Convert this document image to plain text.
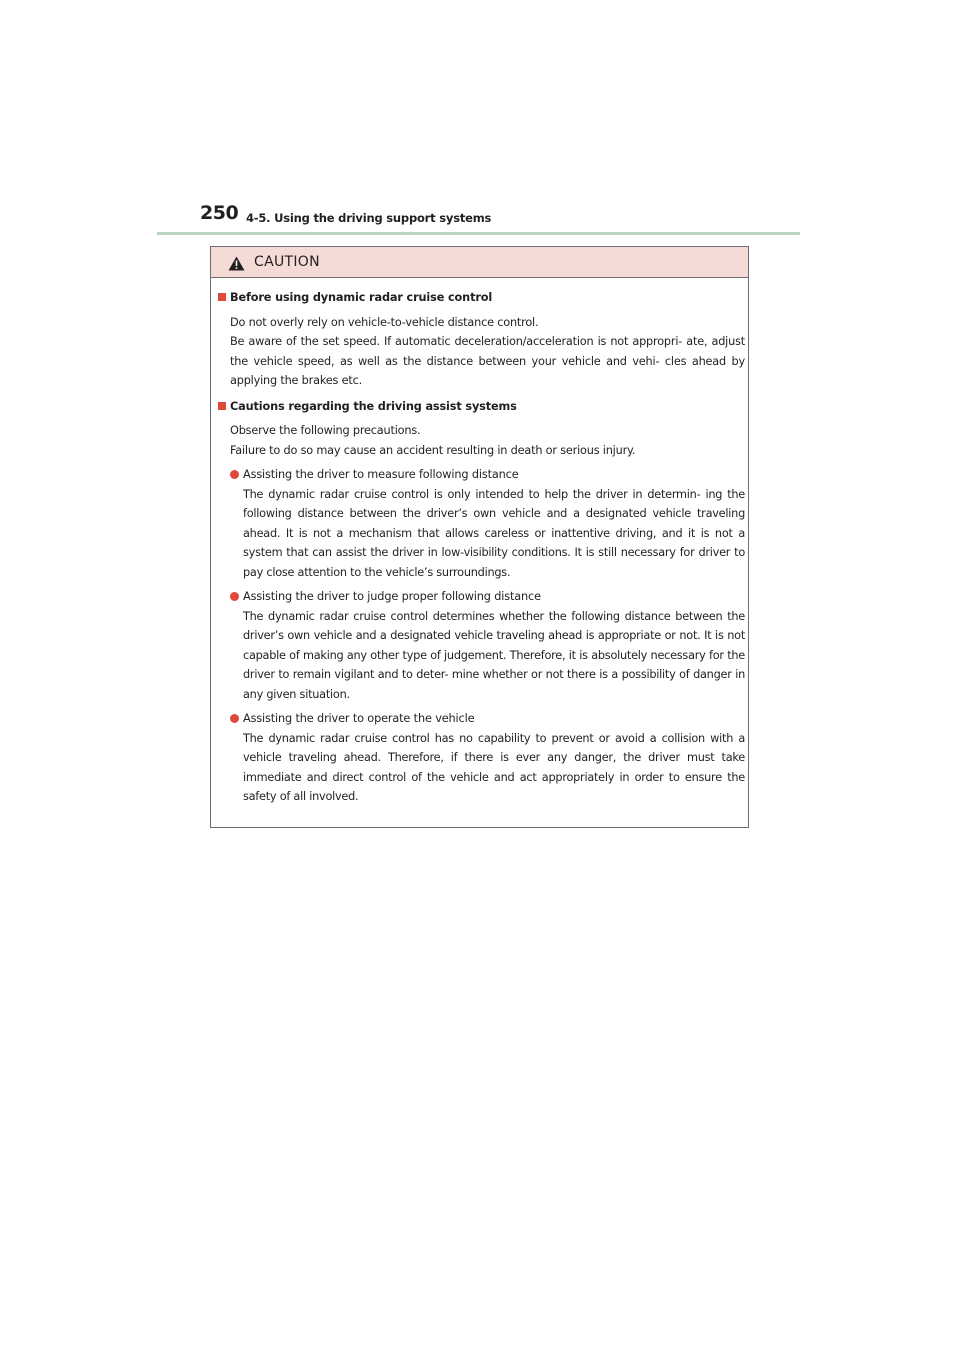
250 4-5. Using the driving support systems
CAUTION
Before using dynamic radar cruise control
Do not overly rely on vehicle-to-vehicle distance control.
Be aware of the set speed. If automatic deceleration/acceleration is not appropri- ate, adjust the vehicle speed, as well as the distance between your vehicle and vehi- cles ahead by applying the brakes etc.
Cautions regarding the driving assist systems
Observe the following precautions.
Failure to do so may cause an accident resulting in death or serious injury.
Assisting the driver to measure following distance
The dynamic radar cruise control is only intended to help the driver in determin- ing the following distance between the driver’s own vehicle and a designated vehicle traveling ahead. It is not a mechanism that allows careless or inattentive driving, and it is not a system that can assist the driver in low-visibility conditions. It is still necessary for driver to pay close attention to the vehicle’s surroundings.
Assisting the driver to judge proper following distance
The dynamic radar cruise control determines whether the following distance between the driver’s own vehicle and a designated vehicle traveling ahead is appropriate or not. It is not capable of making any other type of judgement. Therefore, it is absolutely necessary for the driver to remain vigilant and to deter- mine whether or not there is a possibility of danger in any given situation.
Assisting the driver to operate the vehicle
The dynamic radar cruise control has no capability to prevent or avoid a collision with a vehicle traveling ahead. Therefore, if there is ever any danger, the driver must take immediate and direct control of the vehicle and act appropriately in order to ensure the safety of all involved.
